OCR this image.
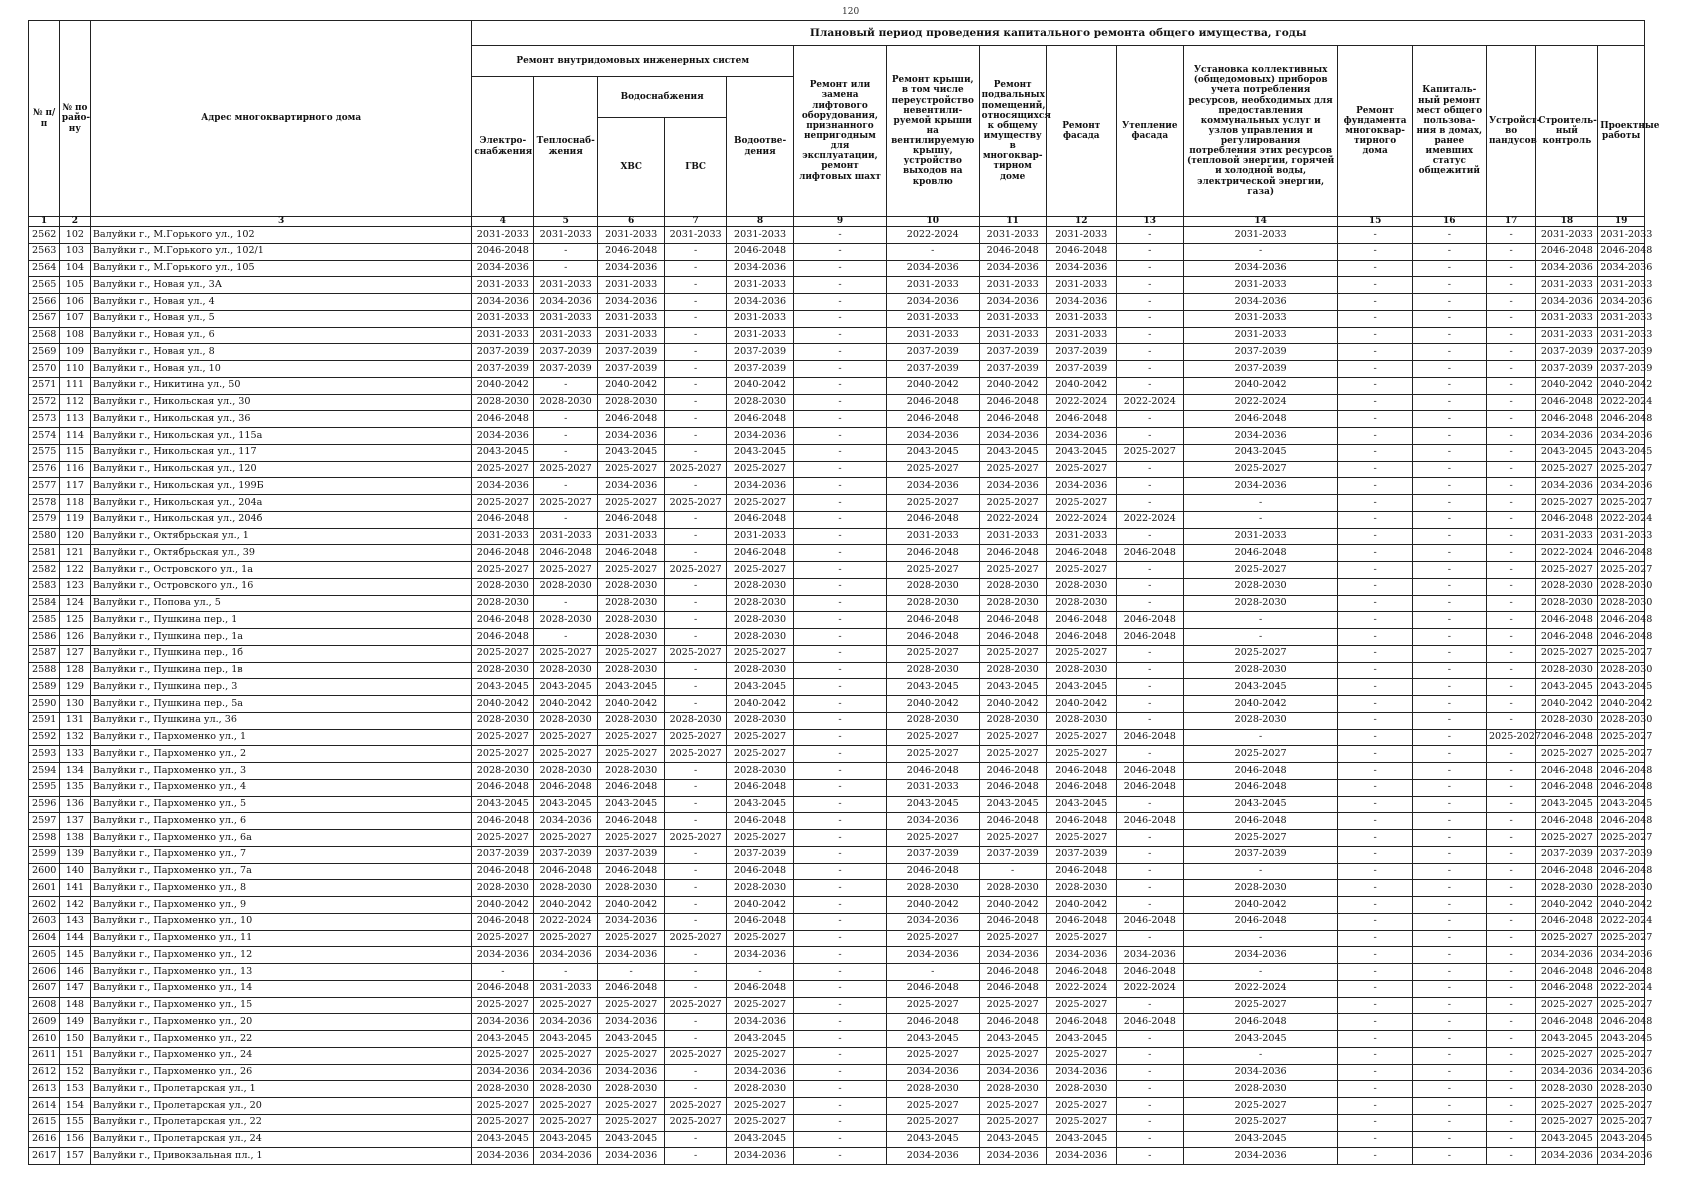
120
№ п/п	№ по райо-ну	Адрес многоквартирного дома	Плановый период проведения капитального ремонта общего имущества, годы															
			Ремонт внутридомовых инженерных систем					Ремонт или замена лифтового оборудования, признанного непригодным для эксплуатации, ремонт лифтовых шахт	Ремонт крыши, в том числе переустройство невентили-руемой крыши на вентилируемую крышу, устройство выходов на кровлю	Ремонт подвальных помещений, относящихся к общему имуществу в многоквар-тирном доме	Ремонт фасада	Утепление фасада	Установка коллективных (общедомовых) приборов учета потребления ресурсов, необходимых для предоставления коммунальных услуг и узлов управления и регулирования потребления этих ресурсов (тепловой энергии, горячей и холодной воды, электрической энергии, газа)	Ремонт фундамента многоквар-тирного дома	Капиталь-ный ремонт мест общего пользова-ния в домах, ранее имевших статус общежитий	Устройст-во пандусов	Строитель-ный контроль	Проектные работы
			Электро-снабжения	Теплоснаб-жения	Водоснабжения		Водоотве-дения											
					ХВС	ГВС												
1	2	3	4	5	6	7	8	9	10	11	12	13	14	15	16	17	18	19
2562	102	Валуйки г., М.Горького ул., 102	2031-2033	2031-2033	2031-2033	2031-2033	2031-2033	-	2022-2024	2031-2033	2031-2033	-	2031-2033	-	-	-	2031-2033	2031-2033
2563	103	Валуйки г., М.Горького ул., 102/1	2046-2048	-	2046-2048	-	2046-2048	-	-	2046-2048	2046-2048	-	-	-	-	-	2046-2048	2046-2048
2564	104	Валуйки г., М.Горького ул., 105	2034-2036	-	2034-2036	-	2034-2036	-	2034-2036	2034-2036	2034-2036	-	2034-2036	-	-	-	2034-2036	2034-2036
2565	105	Валуйки г., Новая ул., 3А	2031-2033	2031-2033	2031-2033	-	2031-2033	-	2031-2033	2031-2033	2031-2033	-	2031-2033	-	-	-	2031-2033	2031-2033
2566	106	Валуйки г., Новая ул., 4	2034-2036	2034-2036	2034-2036	-	2034-2036	-	2034-2036	2034-2036	2034-2036	-	2034-2036	-	-	-	2034-2036	2034-2036
2567	107	Валуйки г., Новая ул., 5	2031-2033	2031-2033	2031-2033	-	2031-2033	-	2031-2033	2031-2033	2031-2033	-	2031-2033	-	-	-	2031-2033	2031-2033
2568	108	Валуйки г., Новая ул., 6	2031-2033	2031-2033	2031-2033	-	2031-2033	-	2031-2033	2031-2033	2031-2033	-	2031-2033	-	-	-	2031-2033	2031-2033
2569	109	Валуйки г., Новая ул., 8	2037-2039	2037-2039	2037-2039	-	2037-2039	-	2037-2039	2037-2039	2037-2039	-	2037-2039	-	-	-	2037-2039	2037-2039
2570	110	Валуйки г., Новая ул., 10	2037-2039	2037-2039	2037-2039	-	2037-2039	-	2037-2039	2037-2039	2037-2039	-	2037-2039	-	-	-	2037-2039	2037-2039
2571	111	Валуйки г., Никитина ул., 50	2040-2042	-	2040-2042	-	2040-2042	-	2040-2042	2040-2042	2040-2042	-	2040-2042	-	-	-	2040-2042	2040-2042
2572	112	Валуйки г., Никольская ул., 30	2028-2030	2028-2030	2028-2030	-	2028-2030	-	2046-2048	2046-2048	2022-2024	2022-2024	2022-2024	-	-	-	2046-2048	2022-2024
2573	113	Валуйки г., Никольская ул., 36	2046-2048	-	2046-2048	-	2046-2048	-	2046-2048	2046-2048	2046-2048	-	2046-2048	-	-	-	2046-2048	2046-2048
2574	114	Валуйки г., Никольская ул., 115а	2034-2036	-	2034-2036	-	2034-2036	-	2034-2036	2034-2036	2034-2036	-	2034-2036	-	-	-	2034-2036	2034-2036
2575	115	Валуйки г., Никольская ул., 117	2043-2045	-	2043-2045	-	2043-2045	-	2043-2045	2043-2045	2043-2045	2025-2027	2043-2045	-	-	-	2043-2045	2043-2045
2576	116	Валуйки г., Никольская ул., 120	2025-2027	2025-2027	2025-2027	2025-2027	2025-2027	-	2025-2027	2025-2027	2025-2027	-	2025-2027	-	-	-	2025-2027	2025-2027
2577	117	Валуйки г., Никольская ул., 199Б	2034-2036	-	2034-2036	-	2034-2036	-	2034-2036	2034-2036	2034-2036	-	2034-2036	-	-	-	2034-2036	2034-2036
2578	118	Валуйки г., Никольская ул., 204а	2025-2027	2025-2027	2025-2027	2025-2027	2025-2027	-	2025-2027	2025-2027	2025-2027	-	-	-	-	-	2025-2027	2025-2027
2579	119	Валуйки г., Никольская ул., 204б	2046-2048	-	2046-2048	-	2046-2048	-	2046-2048	2022-2024	2022-2024	2022-2024	-	-	-	-	2046-2048	2022-2024
2580	120	Валуйки г., Октябрьская ул., 1	2031-2033	2031-2033	2031-2033	-	2031-2033	-	2031-2033	2031-2033	2031-2033	-	2031-2033	-	-	-	2031-2033	2031-2033
2581	121	Валуйки г., Октябрьская ул., 39	2046-2048	2046-2048	2046-2048	-	2046-2048	-	2046-2048	2046-2048	2046-2048	2046-2048	2046-2048	-	-	-	2022-2024	2046-2048
2582	122	Валуйки г., Островского ул., 1а	2025-2027	2025-2027	2025-2027	2025-2027	2025-2027	-	2025-2027	2025-2027	2025-2027	-	2025-2027	-	-	-	2025-2027	2025-2027
2583	123	Валуйки г., Островского ул., 16	2028-2030	2028-2030	2028-2030	-	2028-2030	-	2028-2030	2028-2030	2028-2030	-	2028-2030	-	-	-	2028-2030	2028-2030
2584	124	Валуйки г., Попова ул., 5	2028-2030	-	2028-2030	-	2028-2030	-	2028-2030	2028-2030	2028-2030	-	2028-2030	-	-	-	2028-2030	2028-2030
2585	125	Валуйки г., Пушкина пер., 1	2046-2048	2028-2030	2028-2030	-	2028-2030	-	2046-2048	2046-2048	2046-2048	2046-2048	-	-	-	-	2046-2048	2046-2048
2586	126	Валуйки г., Пушкина пер., 1а	2046-2048	-	2028-2030	-	2028-2030	-	2046-2048	2046-2048	2046-2048	2046-2048	-	-	-	-	2046-2048	2046-2048
2587	127	Валуйки г., Пушкина пер., 1б	2025-2027	2025-2027	2025-2027	2025-2027	2025-2027	-	2025-2027	2025-2027	2025-2027	-	2025-2027	-	-	-	2025-2027	2025-2027
2588	128	Валуйки г., Пушкина пер., 1в	2028-2030	2028-2030	2028-2030	-	2028-2030	-	2028-2030	2028-2030	2028-2030	-	2028-2030	-	-	-	2028-2030	2028-2030
2589	129	Валуйки г., Пушкина пер., 3	2043-2045	2043-2045	2043-2045	-	2043-2045	-	2043-2045	2043-2045	2043-2045	-	2043-2045	-	-	-	2043-2045	2043-2045
2590	130	Валуйки г., Пушкина пер., 5а	2040-2042	2040-2042	2040-2042	-	2040-2042	-	2040-2042	2040-2042	2040-2042	-	2040-2042	-	-	-	2040-2042	2040-2042
2591	131	Валуйки г., Пушкина ул., 36	2028-2030	2028-2030	2028-2030	2028-2030	2028-2030	-	2028-2030	2028-2030	2028-2030	-	2028-2030	-	-	-	2028-2030	2028-2030
2592	132	Валуйки г., Пархоменко ул., 1	2025-2027	2025-2027	2025-2027	2025-2027	2025-2027	-	2025-2027	2025-2027	2025-2027	2046-2048	-	-	-	2025-2027	2046-2048	2025-2027
2593	133	Валуйки г., Пархоменко ул., 2	2025-2027	2025-2027	2025-2027	2025-2027	2025-2027	-	2025-2027	2025-2027	2025-2027	-	2025-2027	-	-	-	2025-2027	2025-2027
2594	134	Валуйки г., Пархоменко ул., 3	2028-2030	2028-2030	2028-2030	-	2028-2030	-	2046-2048	2046-2048	2046-2048	2046-2048	2046-2048	-	-	-	2046-2048	2046-2048
2595	135	Валуйки г., Пархоменко ул., 4	2046-2048	2046-2048	2046-2048	-	2046-2048	-	2031-2033	2046-2048	2046-2048	2046-2048	2046-2048	-	-	-	2046-2048	2046-2048
2596	136	Валуйки г., Пархоменко ул., 5	2043-2045	2043-2045	2043-2045	-	2043-2045	-	2043-2045	2043-2045	2043-2045	-	2043-2045	-	-	-	2043-2045	2043-2045
2597	137	Валуйки г., Пархоменко ул., 6	2046-2048	2034-2036	2046-2048	-	2046-2048	-	2034-2036	2046-2048	2046-2048	2046-2048	2046-2048	-	-	-	2046-2048	2046-2048
2598	138	Валуйки г., Пархоменко ул., 6а	2025-2027	2025-2027	2025-2027	2025-2027	2025-2027	-	2025-2027	2025-2027	2025-2027	-	2025-2027	-	-	-	2025-2027	2025-2027
2599	139	Валуйки г., Пархоменко ул., 7	2037-2039	2037-2039	2037-2039	-	2037-2039	-	2037-2039	2037-2039	2037-2039	-	2037-2039	-	-	-	2037-2039	2037-2039
2600	140	Валуйки г., Пархоменко ул., 7а	2046-2048	2046-2048	2046-2048	-	2046-2048	-	2046-2048	-	2046-2048	-	-	-	-	-	2046-2048	2046-2048
2601	141	Валуйки г., Пархоменко ул., 8	2028-2030	2028-2030	2028-2030	-	2028-2030	-	2028-2030	2028-2030	2028-2030	-	2028-2030	-	-	-	2028-2030	2028-2030
2602	142	Валуйки г., Пархоменко ул., 9	2040-2042	2040-2042	2040-2042	-	2040-2042	-	2040-2042	2040-2042	2040-2042	-	2040-2042	-	-	-	2040-2042	2040-2042
2603	143	Валуйки г., Пархоменко ул., 10	2046-2048	2022-2024	2034-2036	-	2046-2048	-	2034-2036	2046-2048	2046-2048	2046-2048	2046-2048	-	-	-	2046-2048	2022-2024
2604	144	Валуйки г., Пархоменко ул., 11	2025-2027	2025-2027	2025-2027	2025-2027	2025-2027	-	2025-2027	2025-2027	2025-2027	-	-	-	-	-	2025-2027	2025-2027
2605	145	Валуйки г., Пархоменко ул., 12	2034-2036	2034-2036	2034-2036	-	2034-2036	-	2034-2036	2034-2036	2034-2036	2034-2036	2034-2036	-	-	-	2034-2036	2034-2036
2606	146	Валуйки г., Пархоменко ул., 13	-	-	-	-	-	-	-	2046-2048	2046-2048	2046-2048	-	-	-	-	2046-2048	2046-2048
2607	147	Валуйки г., Пархоменко ул., 14	2046-2048	2031-2033	2046-2048	-	2046-2048	-	2046-2048	2046-2048	2022-2024	2022-2024	2022-2024	-	-	-	2046-2048	2022-2024
2608	148	Валуйки г., Пархоменко ул., 15	2025-2027	2025-2027	2025-2027	2025-2027	2025-2027	-	2025-2027	2025-2027	2025-2027	-	2025-2027	-	-	-	2025-2027	2025-2027
2609	149	Валуйки г., Пархоменко ул., 20	2034-2036	2034-2036	2034-2036	-	2034-2036	-	2046-2048	2046-2048	2046-2048	2046-2048	2046-2048	-	-	-	2046-2048	2046-2048
2610	150	Валуйки г., Пархоменко ул., 22	2043-2045	2043-2045	2043-2045	-	2043-2045	-	2043-2045	2043-2045	2043-2045	-	2043-2045	-	-	-	2043-2045	2043-2045
2611	151	Валуйки г., Пархоменко ул., 24	2025-2027	2025-2027	2025-2027	2025-2027	2025-2027	-	2025-2027	2025-2027	2025-2027	-	-	-	-	-	2025-2027	2025-2027
2612	152	Валуйки г., Пархоменко ул., 26	2034-2036	2034-2036	2034-2036	-	2034-2036	-	2034-2036	2034-2036	2034-2036	-	2034-2036	-	-	-	2034-2036	2034-2036
2613	153	Валуйки г., Пролетарская ул., 1	2028-2030	2028-2030	2028-2030	-	2028-2030	-	2028-2030	2028-2030	2028-2030	-	2028-2030	-	-	-	2028-2030	2028-2030
2614	154	Валуйки г., Пролетарская ул., 20	2025-2027	2025-2027	2025-2027	2025-2027	2025-2027	-	2025-2027	2025-2027	2025-2027	-	2025-2027	-	-	-	2025-2027	2025-2027
2615	155	Валуйки г., Пролетарская ул., 22	2025-2027	2025-2027	2025-2027	2025-2027	2025-2027	-	2025-2027	2025-2027	2025-2027	-	2025-2027	-	-	-	2025-2027	2025-2027
2616	156	Валуйки г., Пролетарская ул., 24	2043-2045	2043-2045	2043-2045	-	2043-2045	-	2043-2045	2043-2045	2043-2045	-	2043-2045	-	-	-	2043-2045	2043-2045
2617	157	Валуйки г., Привокзальная пл., 1	2034-2036	2034-2036	2034-2036	-	2034-2036	-	2034-2036	2034-2036	2034-2036	-	2034-2036	-	-	-	2034-2036	2034-2036
